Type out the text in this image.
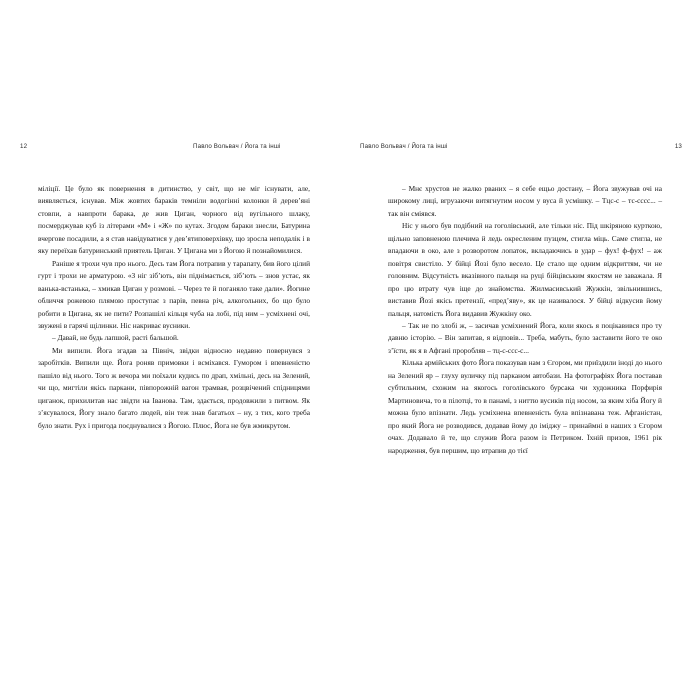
12	Павло Вольвач / Йога та інші

міліції. Це було як повернення в дитинство, у світ, що не міг існувати, але, виявляється, існував. Між жовтих бараків темніли водогінні колонки й дерев’яні стовпи, а навпроти барака, де жив Циган, чорного від вугільного шлаку, посмерджував куб із літерами «М» і «Ж» по кутах. Згодом бараки знесли, Батурина вчергове посадили, а я став навідуватися у дев’ятиповерхівку, що зросла неподалік і в яку переїхав батуринський приятель Циган. У Цигана ми з Йогою й познайомилися.

Раніше я трохи чув про нього. Десь там Йога потрапив у тарапату, бив його цілий гурт і трохи не арматурою. «З ніг зіб’ють, він піднімається, зіб’ють – знов устає, як ванька-встанька, – хмикав Циган у розмові. – Через те й поганяло таке дали». Йогине обличчя рожевою плямою проступає з парів, певна річ, алкогольних, бо що було робити в Цигана, як не пити? Розпашілі кільця чуба на лобі, під ним – усміхнені очі, звужені в гарячі щілинки. Ніс накриває вусники.

– Давай, не будь лапшой, расті бальшой.

Ми випили. Йога згадав за Північ, звідки відносно недавно повернувся з заробітків. Випили ще. Йога роняв примовки і всміхався. Гумором і впевненістю пашіло від нього. Того ж вечора ми поїхали кудись по драп, хмільні, десь на Зелений, чи що, мигтіли якісь паркани, півпорожній вагон трамвая, розцвічений спідницями циганок, прихилитав нас звідти на Іванова. Там, здається, продовжили з питвом. Як з’ясувалося, Йогу знало багато людей, він теж знав багатьох – ну, з тих, кого треба було знати. Рух і пригода поєднувалися з Йогою. Плюс, Йога не був жмикрутом.

Павло Вольвач / Йога та інші	13

– Мнє хрустов не жалко рваних – я себе ещьо достану, – Йога звужував очі на широкому лиці, вгрузаючи витягнутим носом у вуса й усмішку. – Тцс-с – тс-cccc... – так він сміявся.

Ніс у нього був подібний на гоголівський, але тільки ніс. Під шкіряною курткою, щільно заповненою плечима й ледь окресленим пузцем, стигла міць. Саме стигла, не впадаючи в око, але з розворотом лопаток, вкладаючись в удар – фух! ф-фух! – аж повітря свистіло. У бійці Йозі було весело. Це стало ще одним відкриттям, чи не головним. Відсутність вказівного пальця на руці бійцівським якостям не заважала. Я про цю втрату чув іще до знайомства. Жилмасивський Жужкін, звільнившись, виставив Йозі якісь претензії, «пред’яву», як це називалося. У бійці відкусив йому пальця, натомість Йога видавив Жужкіну око.

– Так не по злобі ж, – засичав усміхнений Йога, коли якось я поцікавився про ту давню історію. – Він запитав, я відповів... Треба, мабуть, було заставити його те око з’їсти, як я в Афгані проробляв – тц-с-ссс-с...

Кілька армійських фото Йога показував нам з Єгором, ми приїздили іноді до нього на Зелений яр – глуху вуличку під парканом автобази. На фотографіях Йога поставав субтильним, схожим на якогось гоголівського бурсака чи художника Порфирія Мартиновича, то в пілотці, то в панамі, з ниттю вусиків під носом, за яким хіба Йогу й можна було впізнати. Ледь усміхнена впевненість була впізнавана теж. Афганістан, про який Йога не розводився, додавав йому до іміджу – принаймні в наших з Єгором очах. Додавало й те, що служив Йога разом із Петриком. Їхній призов, 1961 рік народження, був першим, що втрапив до тієї
